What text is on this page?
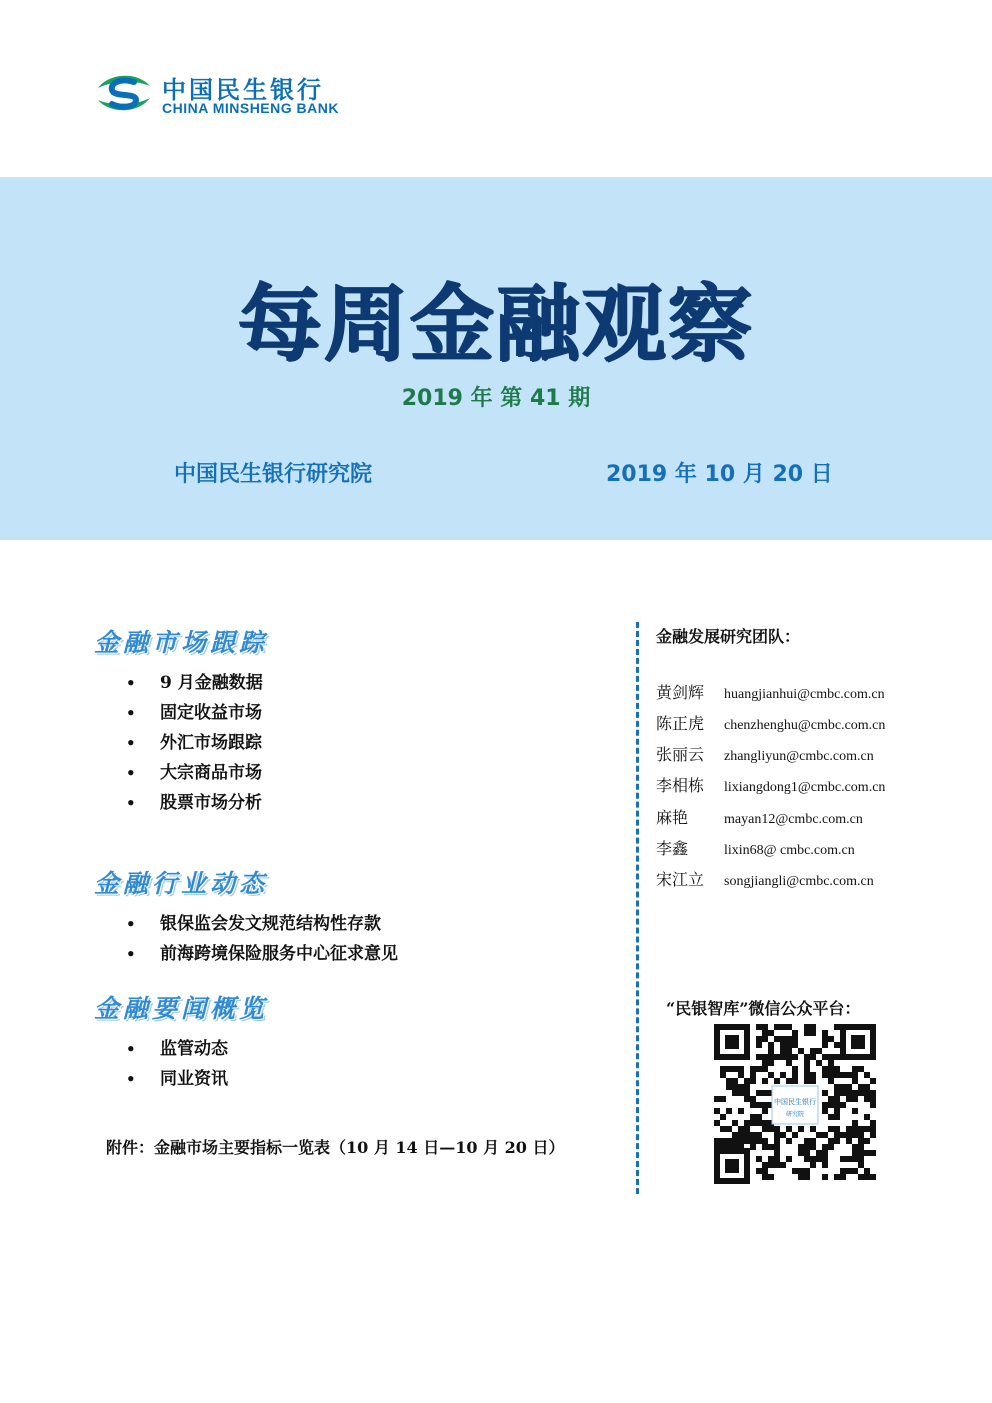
中国民生银行
CHINA MINSHENG BANK
每周金融观察
2019 年 第 41 期
中国民生银行研究院	2019 年 10 月 20 日
金融市场跟踪
• 9 月金融数据
• 固定收益市场
• 外汇市场跟踪
• 大宗商品市场
• 股票市场分析
金融行业动态
• 银保监会发文规范结构性存款
• 前海跨境保险服务中心征求意见
金融要闻概览
• 监管动态
• 同业资讯
附件：金融市场主要指标一览表（10 月 14 日—10 月 20 日）
金融发展研究团队：
黄剑辉 huangjianhui@cmbc.com.cn
陈正虎 chenzhenghu@cmbc.com.cn
张丽云 zhangliyun@cmbc.com.cn
李相栋 lixiangdong1@cmbc.com.cn
麻艳	mayan12@cmbc.com.cn
李鑫	lixin68@ cmbc.com.cn
宋江立 songjiangli@cmbc.com.cn
“民银智库”微信公众平台：
中国民生银行
研究院
